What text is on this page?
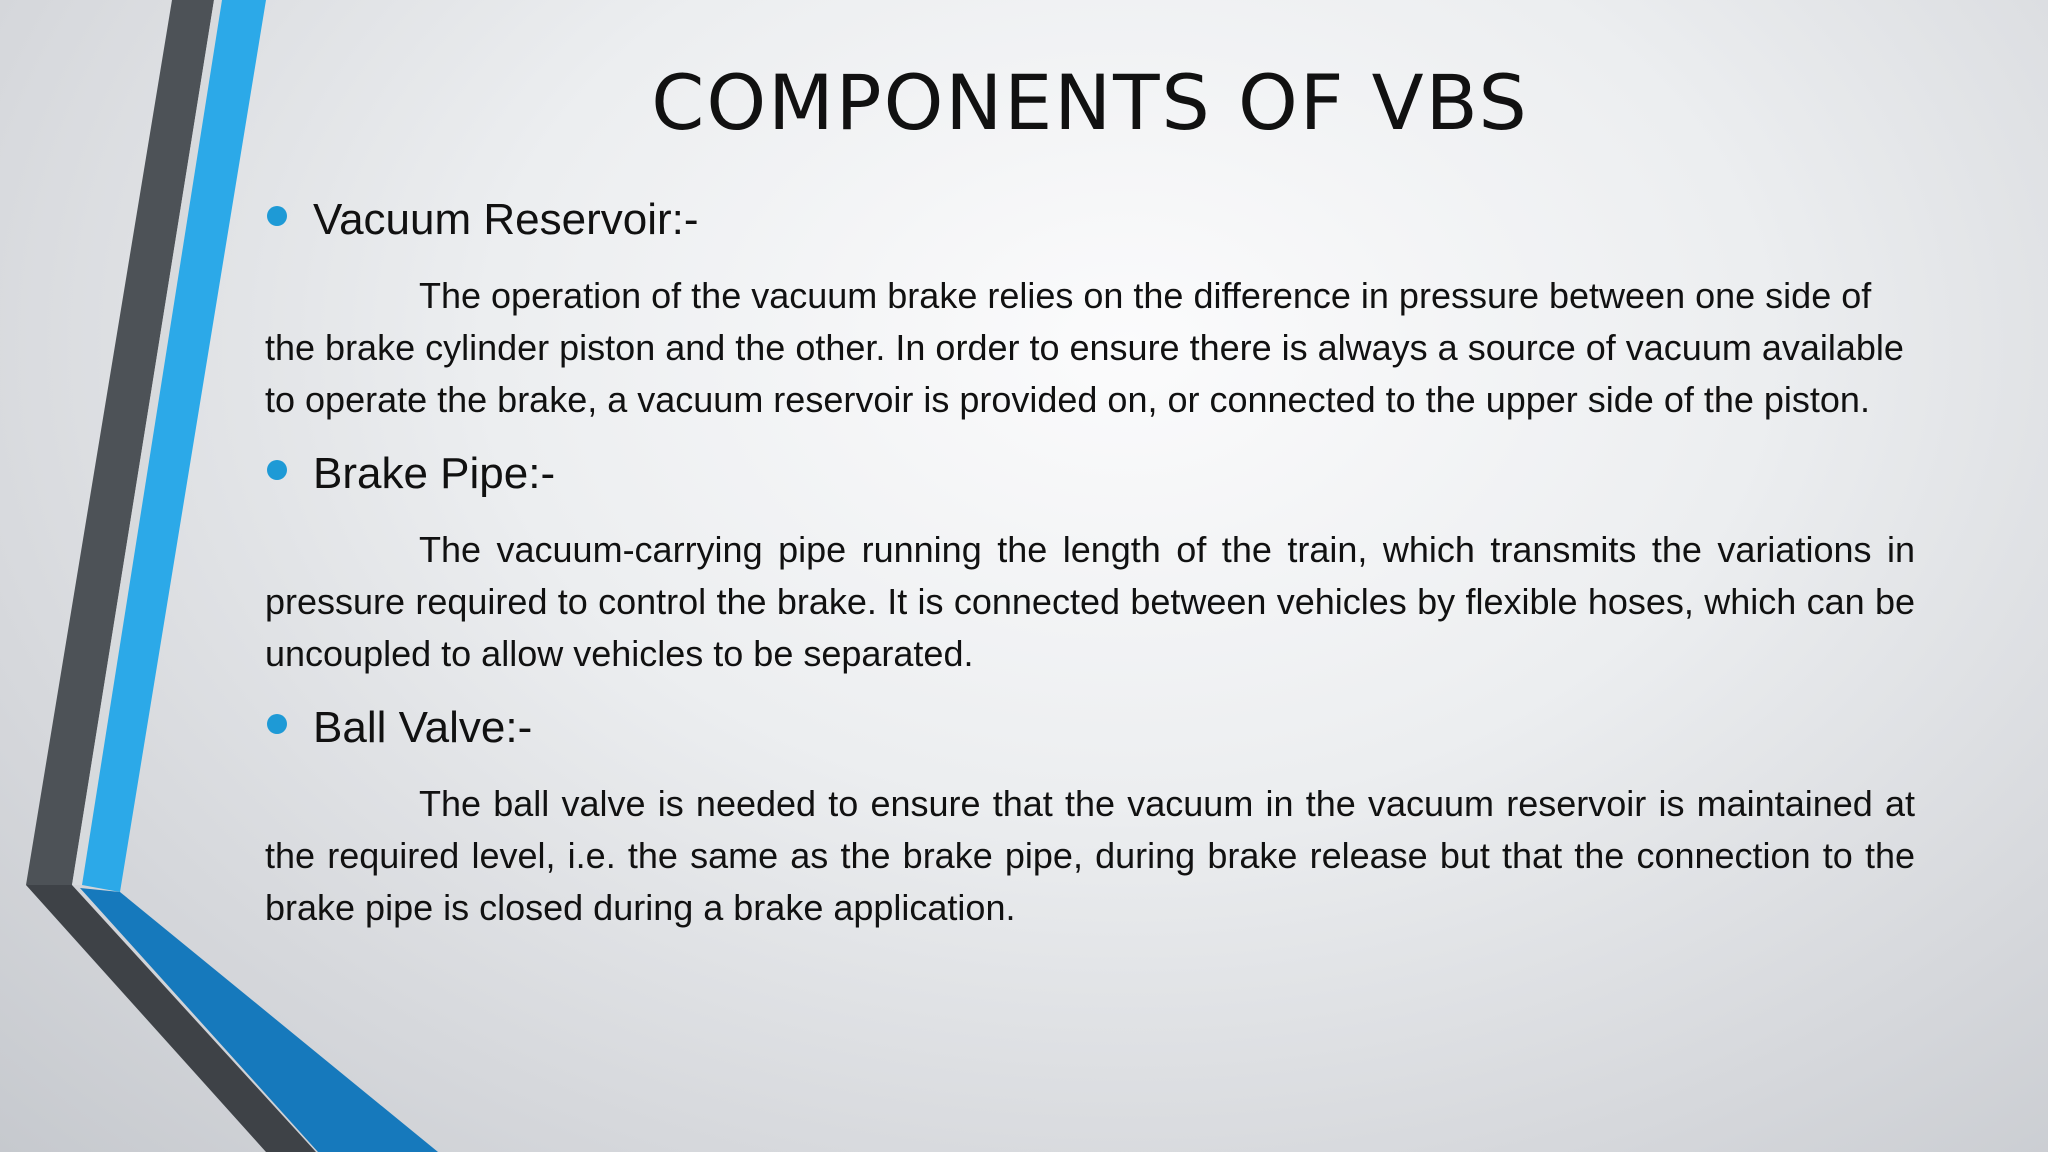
COMPONENTS OF VBS
Vacuum Reservoir:-

The operation of the vacuum brake relies on the difference in pressure between one side of the brake cylinder piston and the other. In order to ensure there is always a source of vacuum available to operate the brake, a vacuum reservoir is provided on, or connected to the upper side of the piston.

Brake Pipe:-

The vacuum-carrying pipe running the length of the train, which transmits the variations in pressure required to control the brake. It is connected between vehicles by flexible hoses, which can be uncoupled to allow vehicles to be separated.

Ball Valve:-

The ball valve is needed to ensure that the vacuum in the vacuum reservoir is maintained at the required level, i.e. the same as the brake pipe, during brake release but that the connection to the brake pipe is closed during a brake application.
